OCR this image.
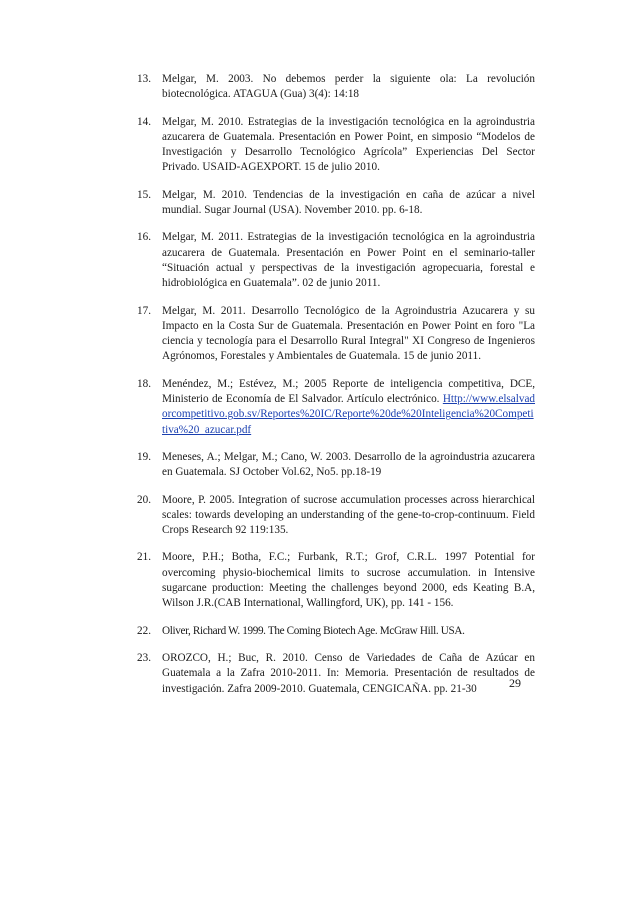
13. Melgar, M. 2003. No debemos perder la siguiente ola: La revolución biotecnológica. ATAGUA (Gua) 3(4): 14:18
14. Melgar, M. 2010. Estrategias de la investigación tecnológica en la agroindustria azucarera de Guatemala. Presentación en Power Point, en simposio “Modelos de Investigación y Desarrollo Tecnológico Agrícola” Experiencias Del Sector Privado. USAID-AGEXPORT. 15 de julio 2010.
15. Melgar, M. 2010. Tendencias de la investigación en caña de azúcar a nivel mundial. Sugar Journal (USA). November 2010. pp. 6-18.
16. Melgar, M. 2011. Estrategias de la investigación tecnológica en la agroindustria azucarera de Guatemala. Presentación en Power Point en el seminario-taller “Situación actual y perspectivas de la investigación agropecuaria, forestal e hidrobiológica en Guatemala”. 02 de junio 2011.
17. Melgar, M. 2011. Desarrollo Tecnológico de la Agroindustria Azucarera y su Impacto en la Costa Sur de Guatemala. Presentación en Power Point en foro "La ciencia y tecnología para el Desarrollo Rural Integral" XI Congreso de Ingenieros Agrónomos, Forestales y Ambientales de Guatemala. 15 de junio 2011.
18. Menéndez, M.; Estévez, M.; 2005 Reporte de inteligencia competitiva, DCE, Ministerio de Economía de El Salvador. Artículo electrónico. Http://www.elsalvadorcompetitivo.gob.sv/Reportes%20IC/Reporte%20de%20Inteligencia%20Competitiva%20_azucar.pdf
19. Meneses, A.; Melgar, M.; Cano, W. 2003. Desarrollo de la agroindustria azucarera en Guatemala. SJ October Vol.62, No5. pp.18-19
20. Moore, P. 2005. Integration of sucrose accumulation processes across hierarchical scales: towards developing an understanding of the gene-to-crop-continuum. Field Crops Research 92 119:135.
21. Moore, P.H.; Botha, F.C.; Furbank, R.T.; Grof, C.R.L. 1997 Potential for overcoming physio-biochemical limits to sucrose accumulation. in Intensive sugarcane production: Meeting the challenges beyond 2000, eds Keating B.A, Wilson J.R.(CAB International, Wallingford, UK), pp. 141 - 156.
22. Oliver, Richard W. 1999. The Coming Biotech Age. McGraw Hill. USA.
23. OROZCO, H.; Buc, R. 2010. Censo de Variedades de Caña de Azúcar en Guatemala a la Zafra 2010-2011. In: Memoria. Presentación de resultados de investigación. Zafra 2009-2010. Guatemala, CENGICAÑA. pp. 21-30	29
